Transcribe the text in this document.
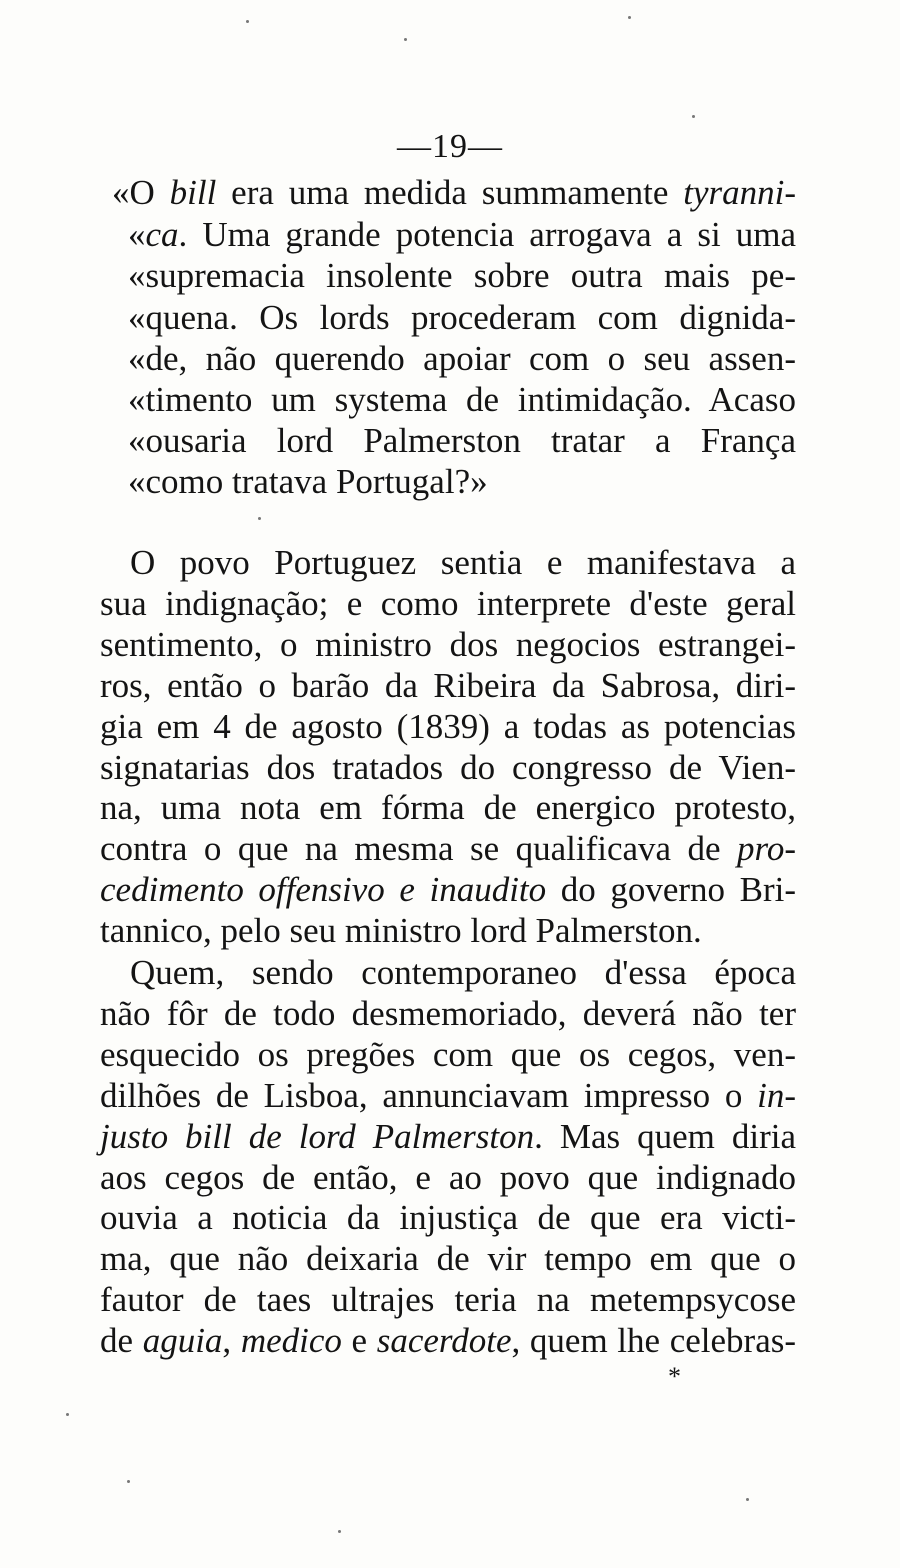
—19—
«O bill era uma medida summamente tyranni-
«ca. Uma grande potencia arrogava a si uma
«supremacia insolente sobre outra mais pe-
«quena. Os lords procederam com dignida-
«de, não querendo apoiar com o seu assen-
«timento um systema de intimidação. Acaso
«ousaria lord Palmerston tratar a França
«como tratava Portugal?»
O povo Portuguez sentia e manifestava a
sua indignação; e como interprete d'este geral
sentimento, o ministro dos negocios estrangei-
ros, então o barão da Ribeira da Sabrosa, diri-
gia em 4 de agosto (1839) a todas as potencias
signatarias dos tratados do congresso de Vien-
na, uma nota em fórma de energico protesto,
contra o que na mesma se qualificava de pro-
cedimento offensivo e inaudito do governo Bri-
tannico, pelo seu ministro lord Palmerston.
Quem, sendo contemporaneo d'essa época
não fôr de todo desmemoriado, deverá não ter
esquecido os pregões com que os cegos, ven-
dilhões de Lisboa, annunciavam impresso o in-
justo bill de lord Palmerston. Mas quem diria
aos cegos de então, e ao povo que indignado
ouvia a noticia da injustiça de que era victi-
ma, que não deixaria de vir tempo em que o
fautor de taes ultrajes teria na metempsycose
de aguia, medico e sacerdote, quem lhe celebras-
*
